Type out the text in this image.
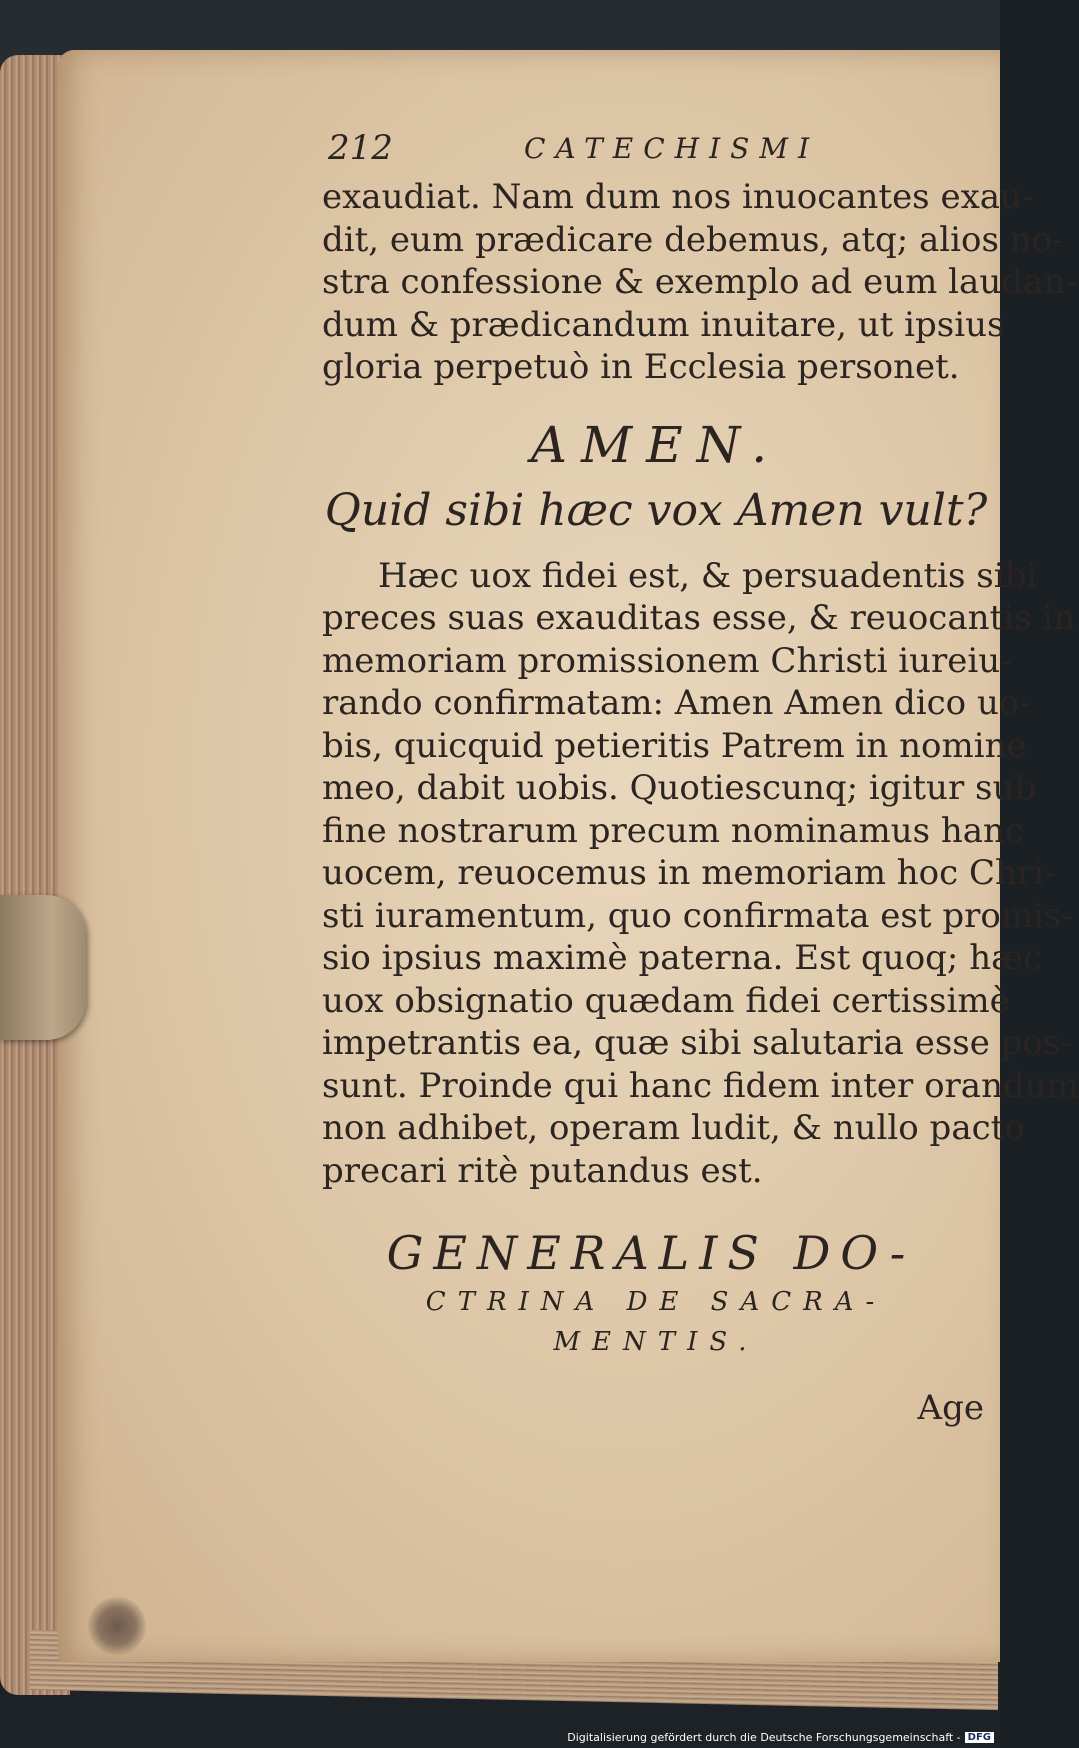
212	CATECHISMI

exaudiat. Nam dum nos inuocantes exau-
dit, eum prædicare debemus, atq; alios no-
stra confessione & exemplo ad eum laudan-
dum & prædicandum inuitare, ut ipsius
gloria perpetuò in Ecclesia personet.

AMEN.
Quid sibi hæc vox Amen vult?

Hæc uox fidei est, & persuadentis sibi
preces suas exauditas esse, & reuocantis in
memoriam promissionem Christi iureiu-
rando confirmatam: Amen Amen dico uo-
bis, quicquid petieritis Patrem in nomine
meo, dabit uobis. Quotiescunq; igitur sub
fine nostrarum precum nominamus hanc
uocem, reuocemus in memoriam hoc Chri-
sti iuramentum, quo confirmata est promis-
sio ipsius maximè paterna. Est quoq; hæc
uox obsignatio quædam fidei certissimè
impetrantis ea, quæ sibi salutaria esse pos-
sunt. Proinde qui hanc fidem inter orandum
non adhibet, operam ludit, & nullo pacto
precari ritè putandus est.

GENERALIS DO-
CTRINA DE SACRA-
MENTIS.
Age
Digitalisierung gefördert durch die Deutsche Forschungsgemeinschaft - DFG
